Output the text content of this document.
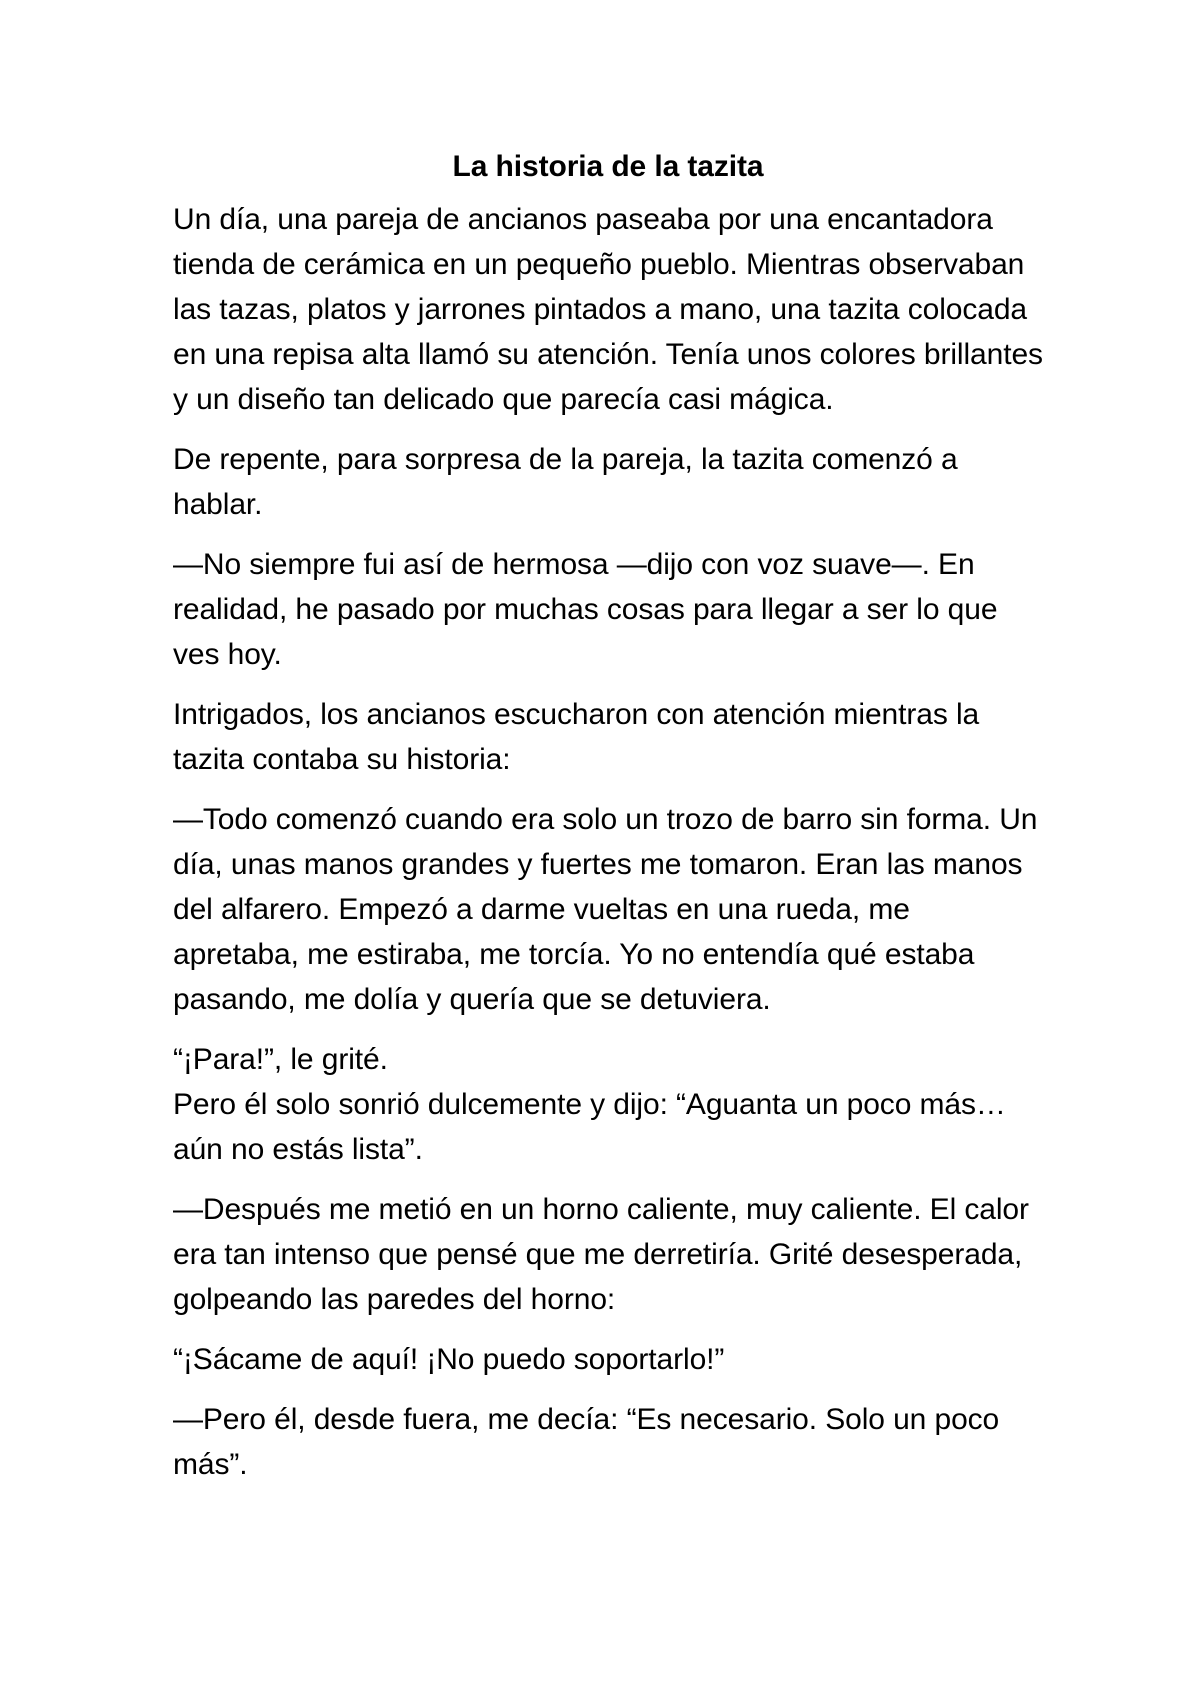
La historia de la tazita

Un día, una pareja de ancianos paseaba por una encantadora tienda de cerámica en un pequeño pueblo. Mientras observaban las tazas, platos y jarrones pintados a mano, una tazita colocada en una repisa alta llamó su atención. Tenía unos colores brillantes y un diseño tan delicado que parecía casi mágica.

De repente, para sorpresa de la pareja, la tazita comenzó a hablar.

—No siempre fui así de hermosa —dijo con voz suave—. En realidad, he pasado por muchas cosas para llegar a ser lo que ves hoy.

Intrigados, los ancianos escucharon con atención mientras la tazita contaba su historia:

—Todo comenzó cuando era solo un trozo de barro sin forma. Un día, unas manos grandes y fuertes me tomaron. Eran las manos del alfarero. Empezó a darme vueltas en una rueda, me apretaba, me estiraba, me torcía. Yo no entendía qué estaba pasando, me dolía y quería que se detuviera.

“¡Para!”, le grité.

Pero él solo sonrió dulcemente y dijo: “Aguanta un poco más… aún no estás lista”.

—Después me metió en un horno caliente, muy caliente. El calor era tan intenso que pensé que me derretiría. Grité desesperada, golpeando las paredes del horno:

“¡Sácame de aquí! ¡No puedo soportarlo!”

—Pero él, desde fuera, me decía: “Es necesario. Solo un poco más”.
